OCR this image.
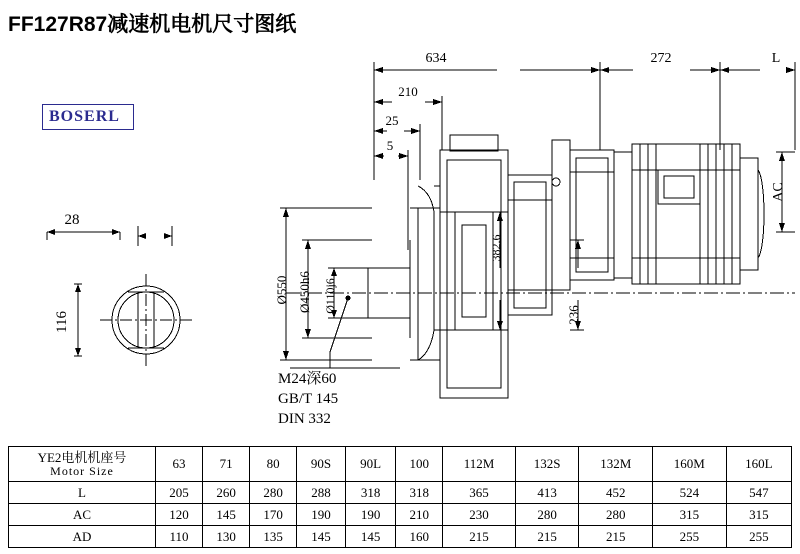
FF127R87减速机电机尺寸图纸
BOSERL
634	272	L
210
25
5
28
116
Ø550 Ø450h6 Ø110j6
382.6
236
AC
M24深60
GB/T 145
DIN 332
YE2电机机座号
Motor Size	63	71	80	90S	90L	100	112M	132S	132M	160M	160L
L	205	260	280	288	318	318	365	413	452	524	547
AC	120	145	170	190	190	210	230	280	280	315	315
AD	110	130	135	145	145	160	215	215	215	255	255
